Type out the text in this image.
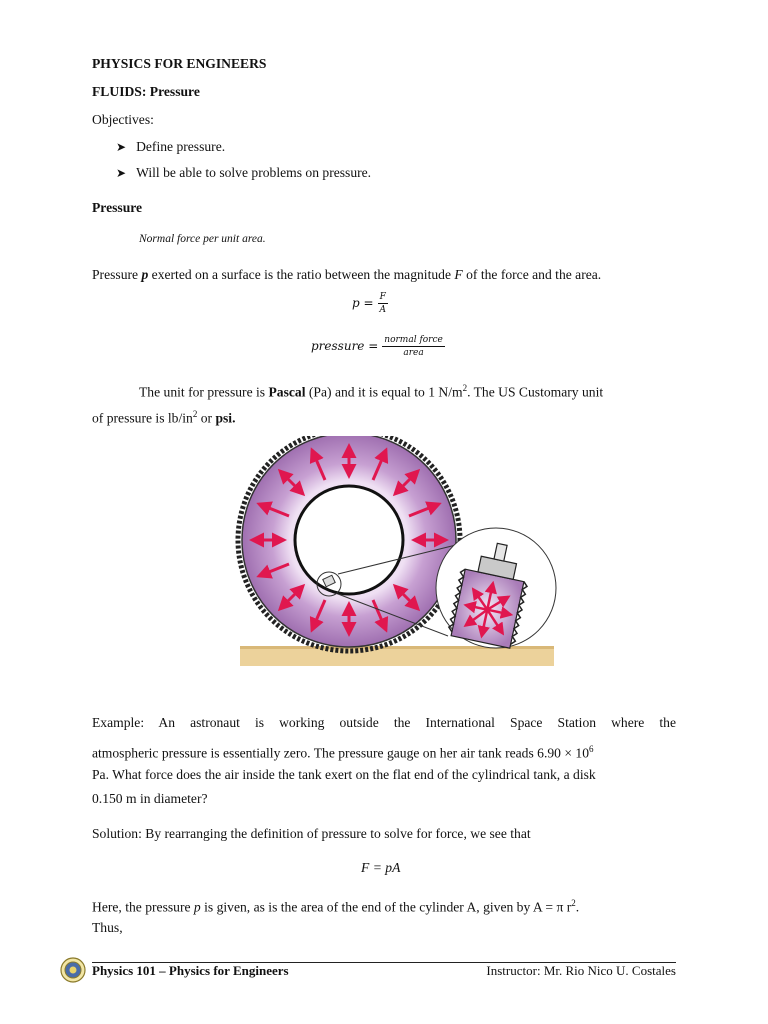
PHYSICS FOR ENGINEERS
FLUIDS: Pressure
Objectives:
➤ Define pressure.
➤ Will be able to solve problems on pressure.
Pressure
Normal force per unit area.
Pressure p exerted on a surface is the ratio between the magnitude F of the force and the area.
$p = \frac{F}{A}$
pressure = $\frac{\text{normal force}}{\text{area}}$
The unit for pressure is Pascal (Pa) and it is equal to 1 $N/m^2$. The US Customary unit
of pressure is $lb/in^2$ or psi.
Example: An astronaut is working outside the International Space Station where the
atmospheric pressure is essentially zero. The pressure gauge on her air tank reads $6.90 \times 10^6$
Pa. What force does the air inside the tank exert on the flat end of the cylindrical tank, a disk
0.150 m in diameter?
Solution: By rearranging the definition of pressure to solve for force, we see that
F = pA
Here, the pressure p is given, as is the area of the end of the cylinder A, given by A = π $r^2$.
Thus,
Physics 101 – Physics for Engineers	Instructor: Mr. Rio Nico U. Costales
